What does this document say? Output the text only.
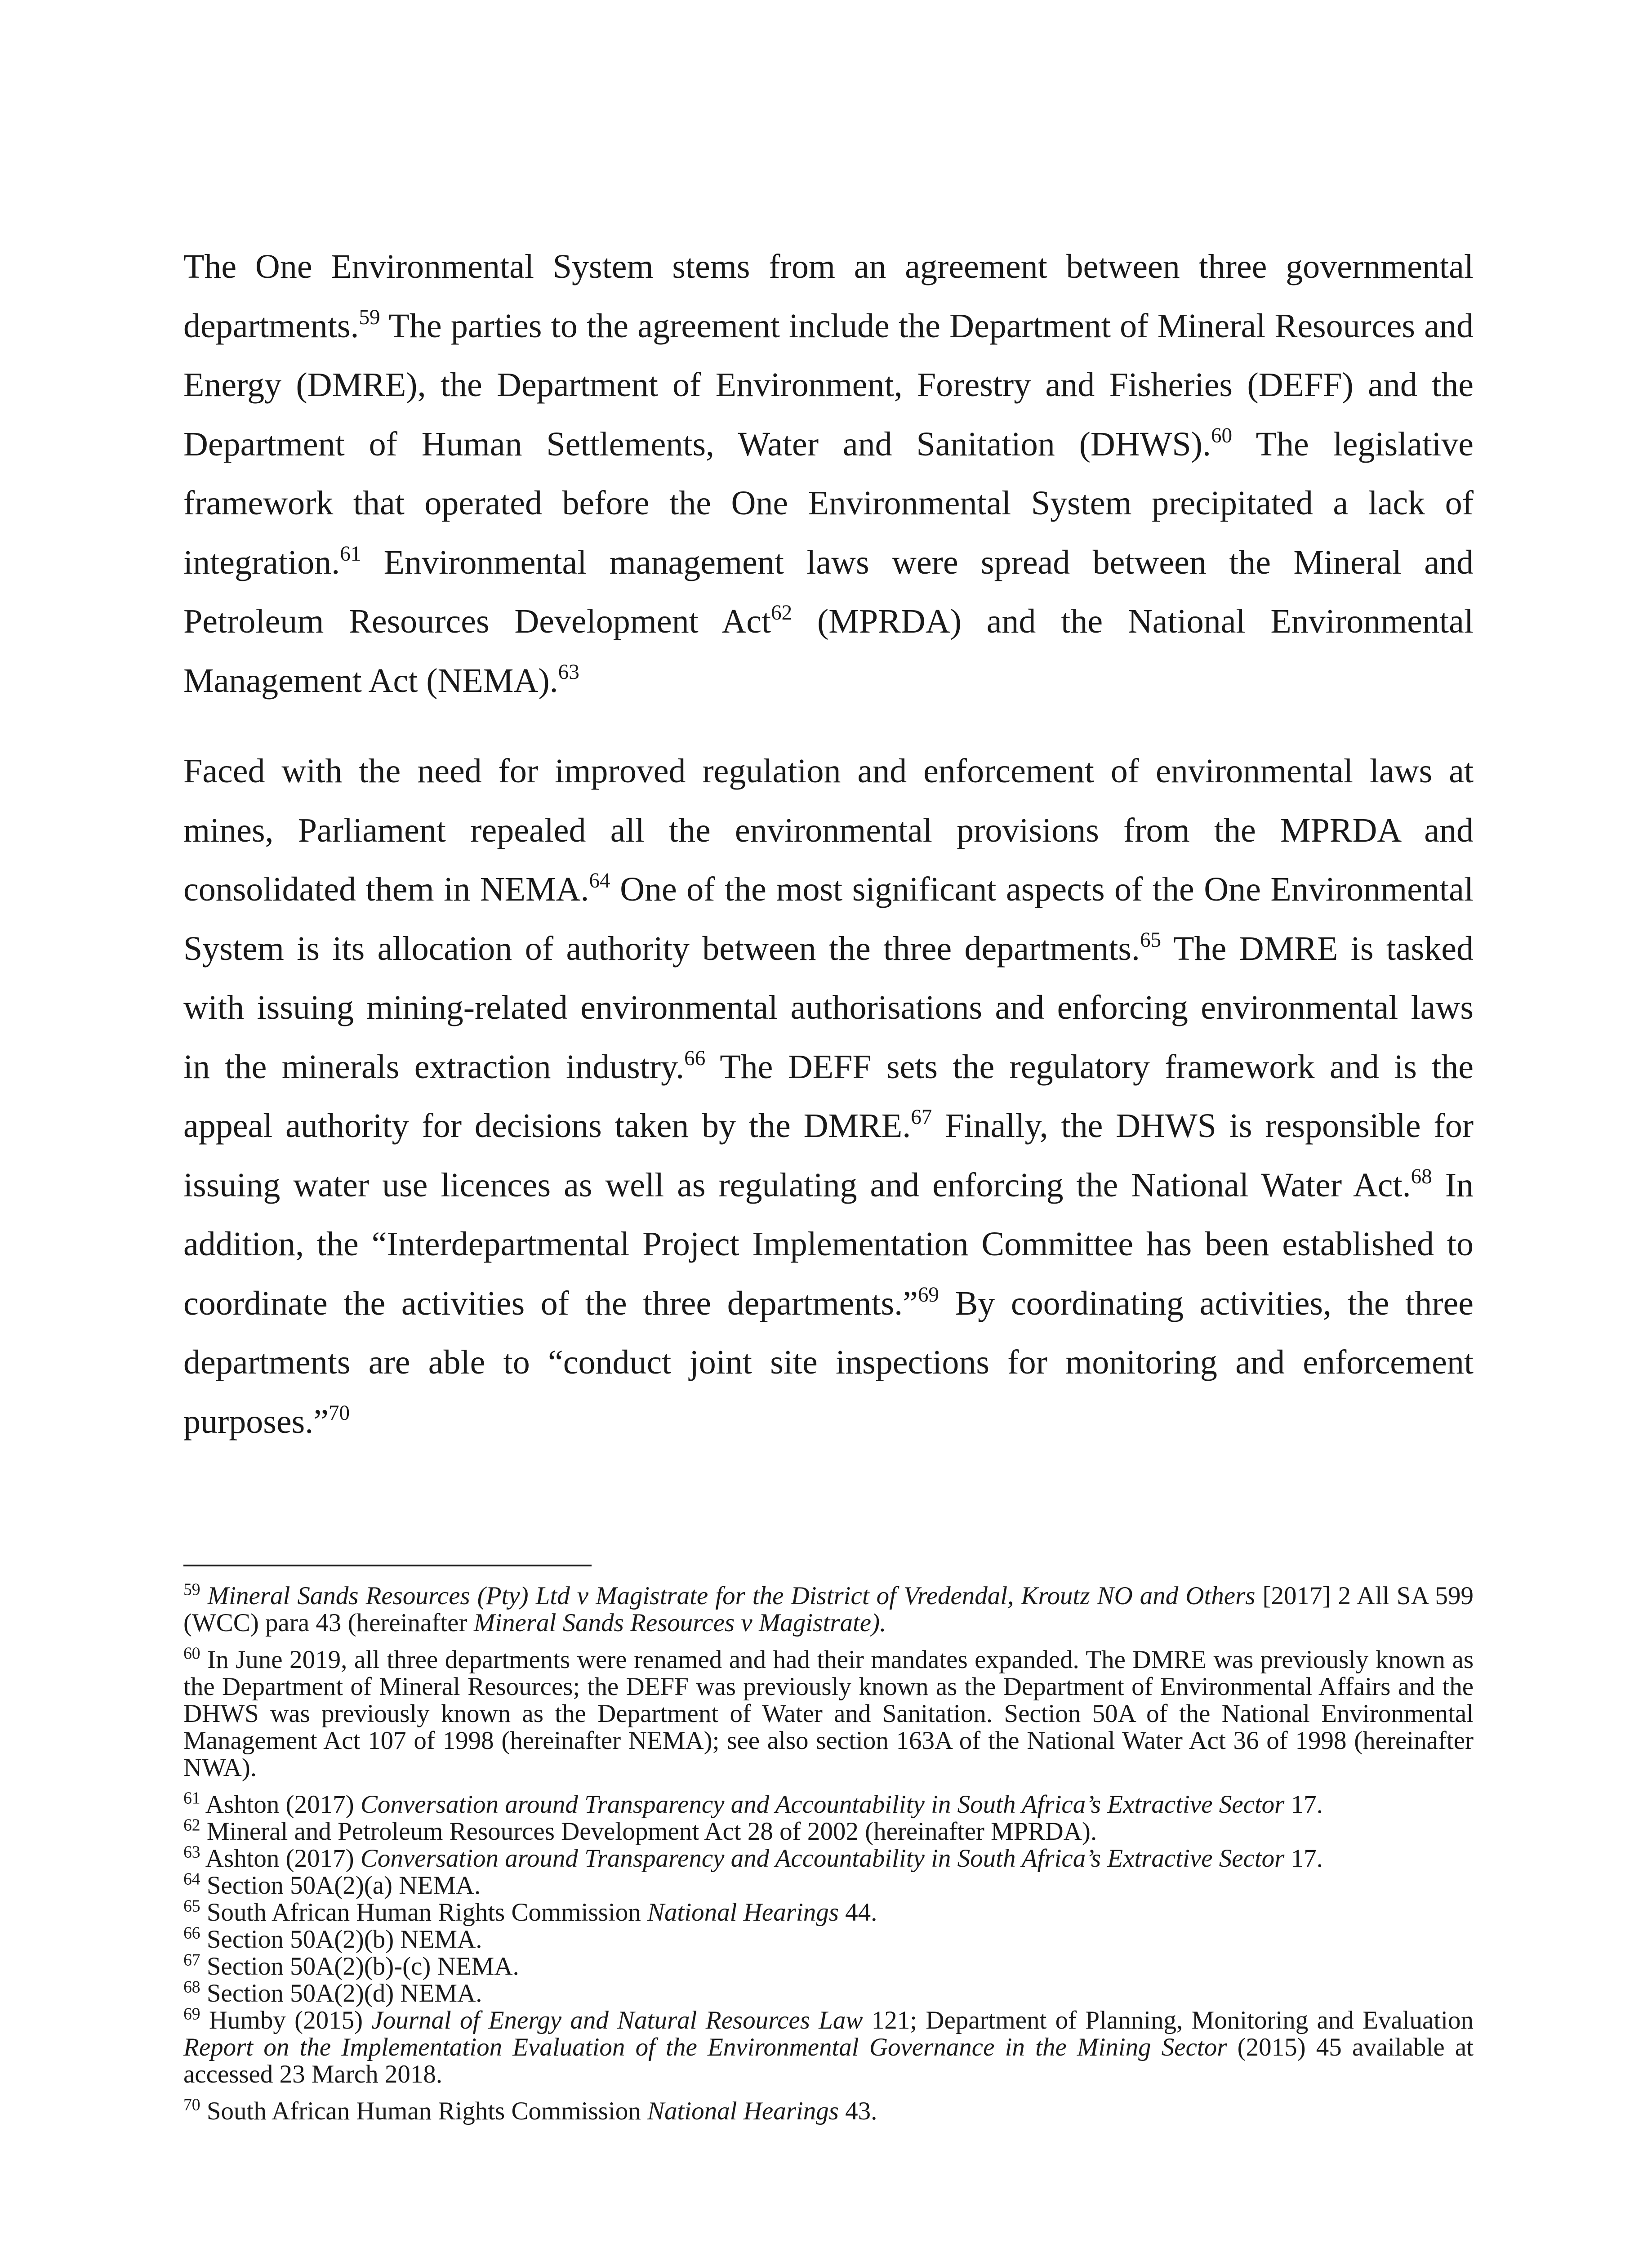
The One Environmental System stems from an agreement between three governmental departments.$^{59}$ The parties to the agreement include the Department of Mineral Resources and Energy (DMRE), the Department of Environment, Forestry and Fisheries (DEFF) and the Department of Human Settlements, Water and Sanitation (DHWS).$^{60}$ The legislative framework that operated before the One Environmental System precipitated a lack of integration.$^{61}$ Environmental management laws were spread between the Mineral and Petroleum Resources Development Act$^{62}$ (MPRDA) and the National Environmental Management Act (NEMA).$^{63}$

Faced with the need for improved regulation and enforcement of environmental laws at mines, Parliament repealed all the environmental provisions from the MPRDA and consolidated them in NEMA.$^{64}$ One of the most significant aspects of the One Environmental System is its allocation of authority between the three departments.$^{65}$ The DMRE is tasked with issuing mining-related environmental authorisations and enforcing environmental laws in the minerals extraction industry.$^{66}$ The DEFF sets the regulatory framework and is the appeal authority for decisions taken by the DMRE.$^{67}$ Finally, the DHWS is responsible for issuing water use licences as well as regulating and enforcing the National Water Act.$^{68}$ In addition, the “Interdepartmental Project Implementation Committee has been established to coordinate the activities of the three departments.”$^{69}$ By coordinating activities, the three departments are able to “conduct joint site inspections for monitoring and enforcement purposes.”$^{70}$

$^{59}$ Mineral Sands Resources (Pty) Ltd v Magistrate for the District of Vredendal, Kroutz NO and Others [2017] 2 All SA 599 (WCC) para 43 (hereinafter Mineral Sands Resources v Magistrate).

$^{60}$ In June 2019, all three departments were renamed and had their mandates expanded. The DMRE was previously known as the Department of Mineral Resources; the DEFF was previously known as the Department of Environmental Affairs and the DHWS was previously known as the Department of Water and Sanitation. Section 50A of the National Environmental Management Act 107 of 1998 (hereinafter NEMA); see also section 163A of the National Water Act 36 of 1998 (hereinafter NWA).

$^{61}$ Ashton (2017) Conversation around Transparency and Accountability in South Africa’s Extractive Sector 17.

$^{62}$ Mineral and Petroleum Resources Development Act 28 of 2002 (hereinafter MPRDA).

$^{63}$ Ashton (2017) Conversation around Transparency and Accountability in South Africa’s Extractive Sector 17.

$^{64}$ Section 50A(2)(a) NEMA.

$^{65}$ South African Human Rights Commission National Hearings 44.

$^{66}$ Section 50A(2)(b) NEMA.

$^{67}$ Section 50A(2)(b)-(c) NEMA.

$^{68}$ Section 50A(2)(d) NEMA.

$^{69}$ Humby (2015) Journal of Energy and Natural Resources Law 121; Department of Planning, Monitoring and Evaluation Report on the Implementation Evaluation of the Environmental Governance in the Mining Sector (2015) 45 available at accessed 23 March 2018.

$^{70}$ South African Human Rights Commission National Hearings 43.
